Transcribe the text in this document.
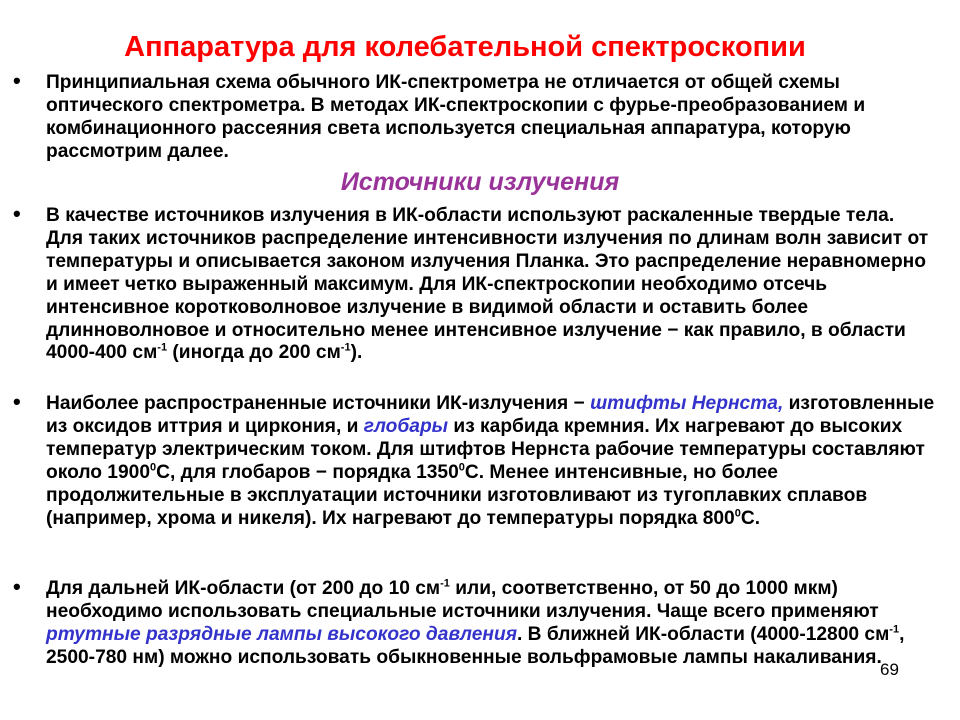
Аппаратура для колебательной спектроскопии
• Принципиальная схема обычного ИК-спектрометра не отличается от общей схемы оптического спектрометра. В методах ИК-спектроскопии с фурье-преобразованием и комбинационного рассеяния света используется специальная аппаратура, которую рассмотрим далее.

Источники излучения
• В качестве источников излучения в ИК-области используют раскаленные твердые тела. Для таких источников распределение интенсивности излучения по длинам волн зависит от температуры и описывается законом излучения Планка. Это распределение неравномерно и имеет четко выраженный максимум. Для ИК-спектроскопии необходимо отсечь интенсивное коротковолновое излучение в видимой области и оставить более длинноволновое и относительно менее интенсивное излучение − как правило, в области 4000-400 $см^{-1}$ (иногда до 200 $см^{-1}$).

• Наиболее распространенные источники ИК-излучения − штифты Нернста, изготовленные из оксидов иттрия и циркония, и глобары из карбида кремния. Их нагревают до высоких температур электрическим током. Для штифтов Нернста рабочие температуры составляют около 1900$^0$С, для глобаров − порядка 1350$^0$С. Менее интенсивные, но более продолжительные в эксплуатации источники изготовливают из тугоплавких сплавов (например, хрома и никеля). Их нагревают до температуры порядка $800^0С$.

• Для дальней ИК-области (от 200 до 10 $см^{-1}$ или, соответственно, от 50 до 1000 мкм) необходимо использовать специальные источники излучения. Чаще всего применяют ртутные разрядные лампы высокого давления. В ближней ИК-области (4000-12800 $см^{-1}$, 2500-780 нм) можно использовать обыкновенные вольфрамовые лампы накаливания.

69
